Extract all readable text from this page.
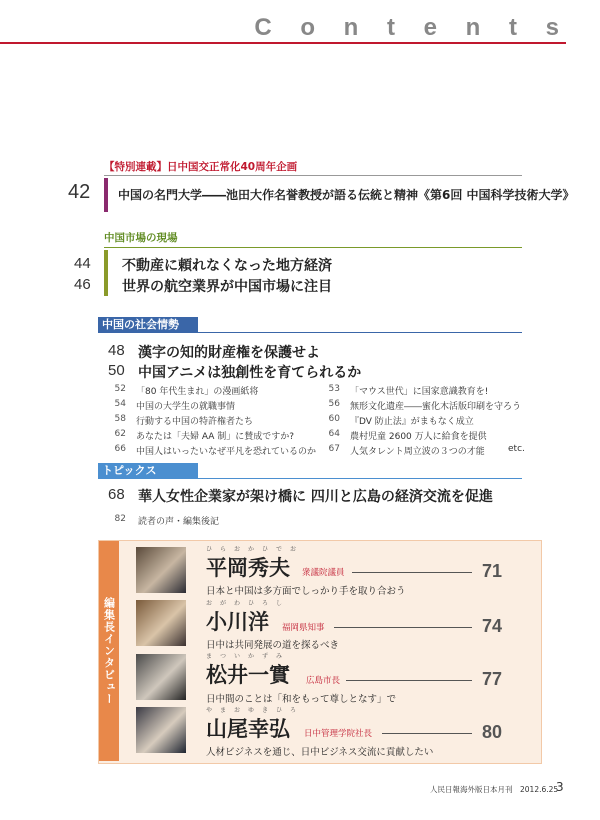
C o n t e n t s
【特別連載】日中国交正常化40周年企画
42 中国の名門大学――池田大作名誉教授が語る伝統と精神《第6回 中国科学技術大学》
中国市場の現場
44 不動産に頼れなくなった地方経済
46 世界の航空業界が中国市場に注目
中国の社会情勢
48 漢字の知的財産権を保護せよ
50 中国アニメは独創性を育てられるか
52 「80 年代生まれ」の漫画紙将
54 中国の大学生の就職事情
58 行動する中国の特許権者たち
62 あなたは「夫婦 AA 制」に賛成ですか?
66 中国人はいったいなぜ平凡を恐れているのか
53 「マウス世代」に国家意識教育を!
56 無形文化遺産――蜜化木活版印刷を守ろう
60 『DV 防止法』がまもなく成立
64 農村児童 2600 万人に給食を提供
67 人気タレント周立波の３つの才能	etc.
トピックス
68 華人女性企業家が架け橋に 四川と広島の経済交流を促進
82 読者の声・編集後記
編集長インタビュー
ひらおかひでお
平岡秀夫 衆議院議員	71
日本と中国は多方面でしっかり手を取り合おう
おがわひろし
小川洋 福岡県知事	74
日中は共同発展の道を探るべき
まついかずみ
松井一實 広島市長	77
日中間のことは「和をもって尊しとなす」で
やまおゆきひろ
山尾幸弘 日中管理学院社長	80
人材ビジネスを通じ、日中ビジネス交流に貢献したい
人民日報海外版日本月刊　2012.6.25
3
